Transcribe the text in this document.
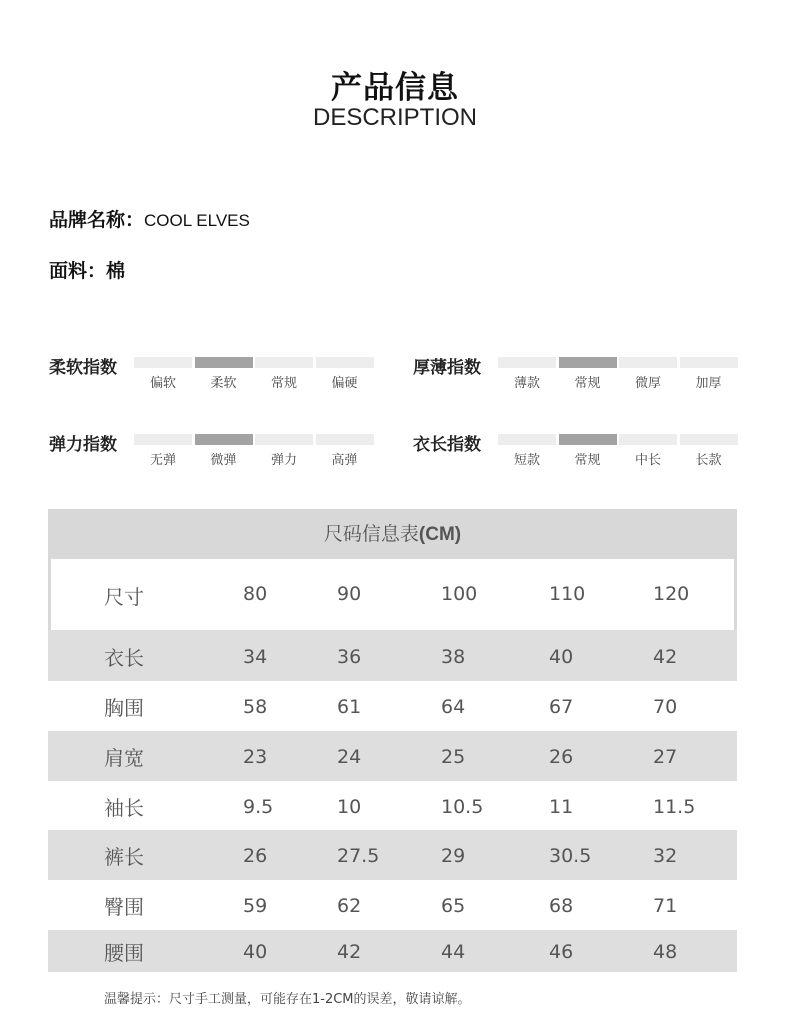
产品信息
DESCRIPTION
品牌名称：COOL ELVES
面料：棉
柔软指数
偏软	柔软	常规	偏硬
厚薄指数
薄款	常规	微厚	加厚
弹力指数
无弹	微弹	弹力	高弹
衣长指数
短款	常规	中长	长款
尺码信息表(CM)
尺寸	80	90	100	110	120
衣长	34	36	38	40	42
胸围	58	61	64	67	70
肩宽	23	24	25	26	27
袖长	9.5	10	10.5	11	11.5
裤长	26	27.5	29	30.5	32
臀围	59	62	65	68	71
腰围	40	42	44	46	48
温馨提示：尺寸手工测量，可能存在1-2CM的误差，敬请谅解。
